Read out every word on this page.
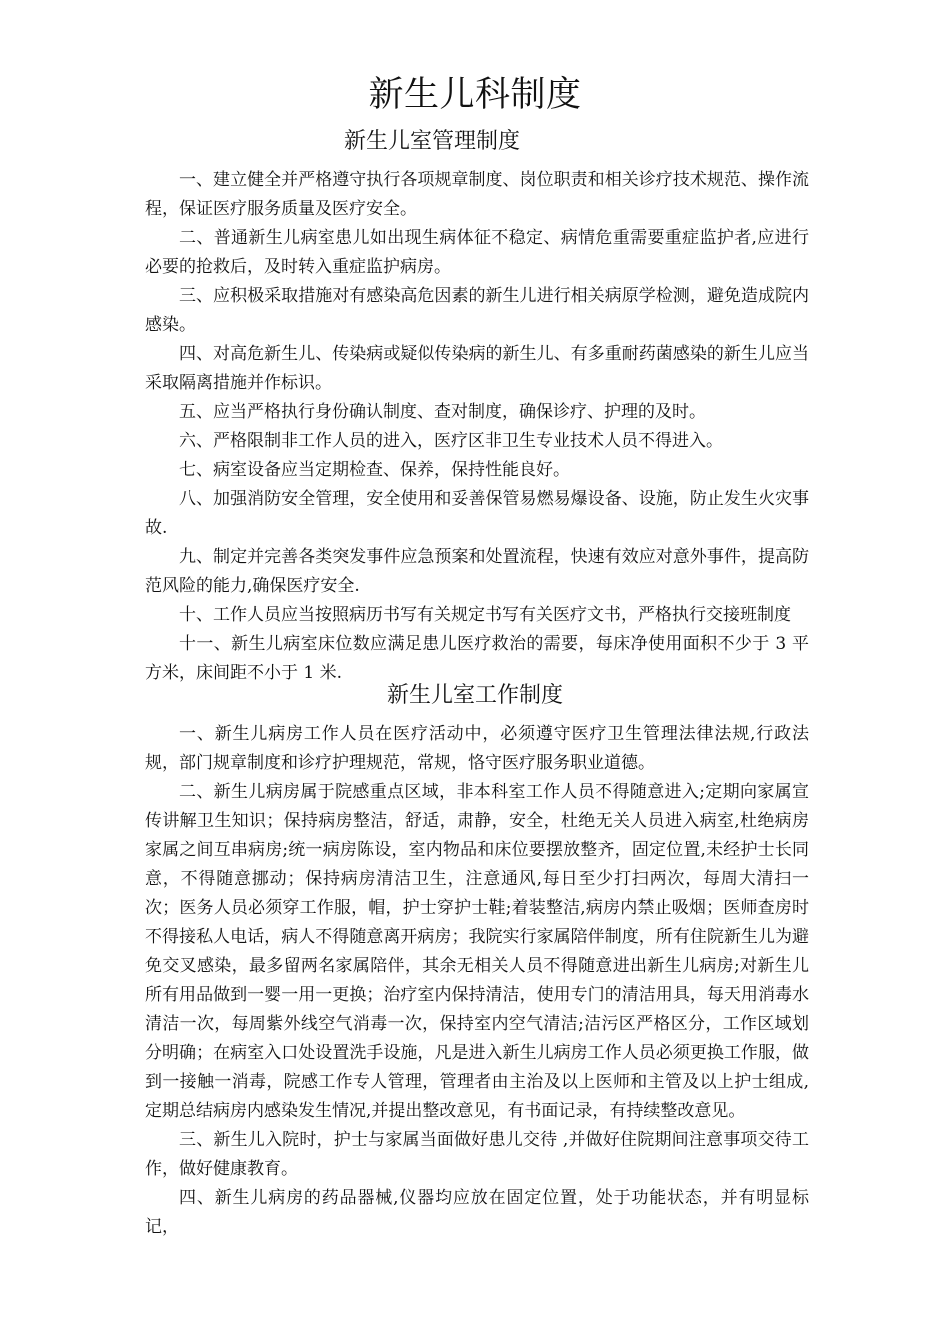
新生儿科制度
新生儿室管理制度

一、建立健全并严格遵守执行各项规章制度、岗位职责和相关诊疗技术规范、操作流程，保证医疗服务质量及医疗安全。

二、普通新生儿病室患儿如出现生病体征不稳定、病情危重需要重症监护者,应进行必要的抢救后，及时转入重症监护病房。

三、应积极采取措施对有感染高危因素的新生儿进行相关病原学检测，避免造成院内感染。

四、对高危新生儿、传染病或疑似传染病的新生儿、有多重耐药菌感染的新生儿应当采取隔离措施并作标识。

五、应当严格执行身份确认制度、查对制度，确保诊疗、护理的及时。

六、严格限制非工作人员的进入，医疗区非卫生专业技术人员不得进入。

七、病室设备应当定期检查、保养，保持性能良好。

八、加强消防安全管理，安全使用和妥善保管易燃易爆设备、设施，防止发生火灾事故.

九、制定并完善各类突发事件应急预案和处置流程，快速有效应对意外事件，提高防范风险的能力,确保医疗安全.

十、工作人员应当按照病历书写有关规定书写有关医疗文书，严格执行交接班制度

十一、新生儿病室床位数应满足患儿医疗救治的需要，每床净使用面积不少于 3 平方米，床间距不小于 1 米.

新生儿室工作制度

一、新生儿病房工作人员在医疗活动中，必须遵守医疗卫生管理法律法规,行政法规，部门规章制度和诊疗护理规范，常规，恪守医疗服务职业道德。

二、新生儿病房属于院感重点区域，非本科室工作人员不得随意进入;定期向家属宣传讲解卫生知识；保持病房整洁，舒适，肃静，安全，杜绝无关人员进入病室,杜绝病房家属之间互串病房;统一病房陈设，室内物品和床位要摆放整齐，固定位置,未经护士长同意，不得随意挪动；保持病房清洁卫生，注意通风,每日至少打扫两次，每周大清扫一次；医务人员必须穿工作服，帽，护士穿护士鞋;着装整洁,病房内禁止吸烟；医师查房时不得接私人电话，病人不得随意离开病房；我院实行家属陪伴制度，所有住院新生儿为避免交叉感染，最多留两名家属陪伴，其余无相关人员不得随意进出新生儿病房;对新生儿所有用品做到一婴一用一更换；治疗室内保持清洁，使用专门的清洁用具，每天用消毒水清洁一次，每周紫外线空气消毒一次，保持室内空气清洁;洁污区严格区分，工作区域划分明确；在病室入口处设置洗手设施，凡是进入新生儿病房工作人员必须更换工作服，做到一接触一消毒，院感工作专人管理，管理者由主治及以上医师和主管及以上护士组成,定期总结病房内感染发生情况,并提出整改意见，有书面记录，有持续整改意见。

三、新生儿入院时，护士与家属当面做好患儿交待 ,并做好住院期间注意事项交待工作，做好健康教育。

四、新生儿病房的药品器械,仪器均应放在固定位置，处于功能状态，并有明显标记，
